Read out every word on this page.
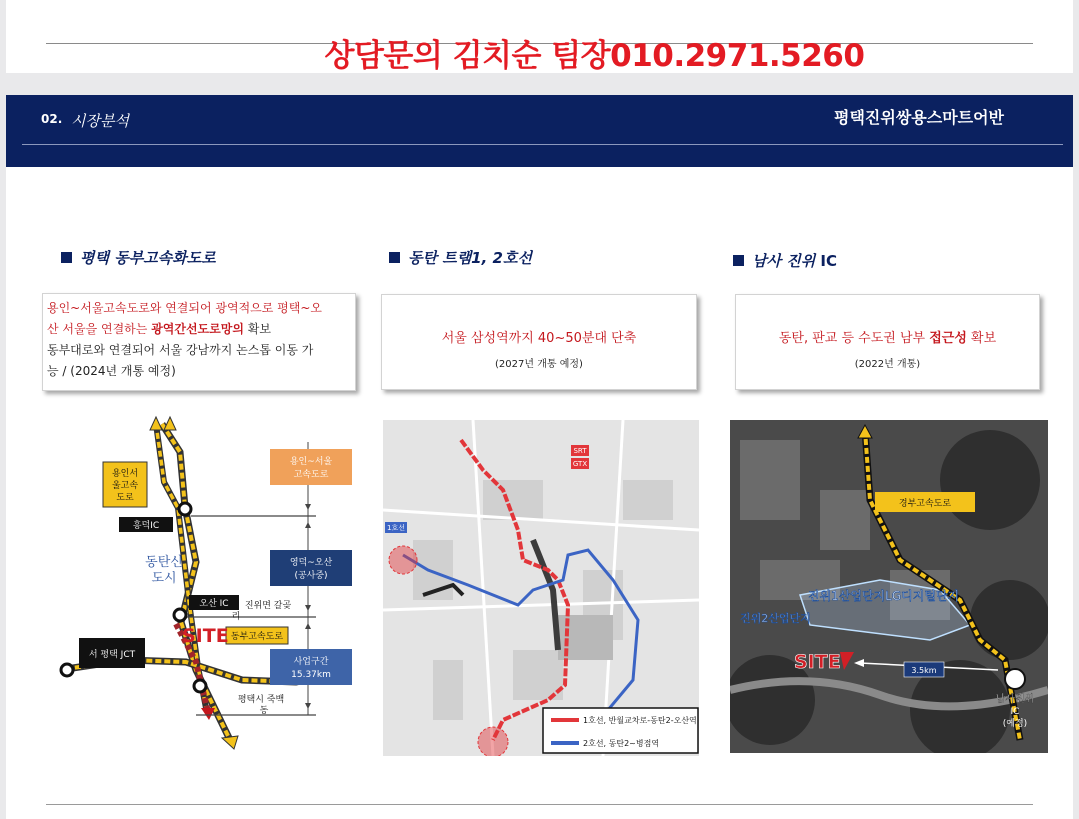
상담문의 김치순 팀장010.2971.5260
02. 시장분석	평택진위쌍용스마트어반
평택 동부고속화도로
용인~서울고속도로와 연결되어 광역적으로 평택~오
산 서울을 연결하는 광역간선도로망의 확보
동부대로와 연결되어 서울 강남까지 논스톱 이동 가
능 / (2024년 개통 예정)
용인서
울고속
도로
흥덕IC
동탄신
도시
오산 IC 진위면 갈곶
리
동부고속도로
SITE
서 평택 JCT
평택시 죽백
동
용인~서울
고속도로
영덕~오산
(공사중)
사업구간
15.37km
동탄 트램1, 2호선
서울 삼성역까지 40~50분대 단축
(2027년 개통 예정)
SRT
GTX
1호선
1호선, 반월교차로-동탄2-오산역
2호선, 동탄2~병점역
남사 진위 IC
동탄, 판교 등 수도권 남부 접근성 확보
(2022년 개통)
경부고속도로
진위1산업단지LG디지털단지
진위2산업단지
SITE	3.5km
남사진위
IC
(예정)
